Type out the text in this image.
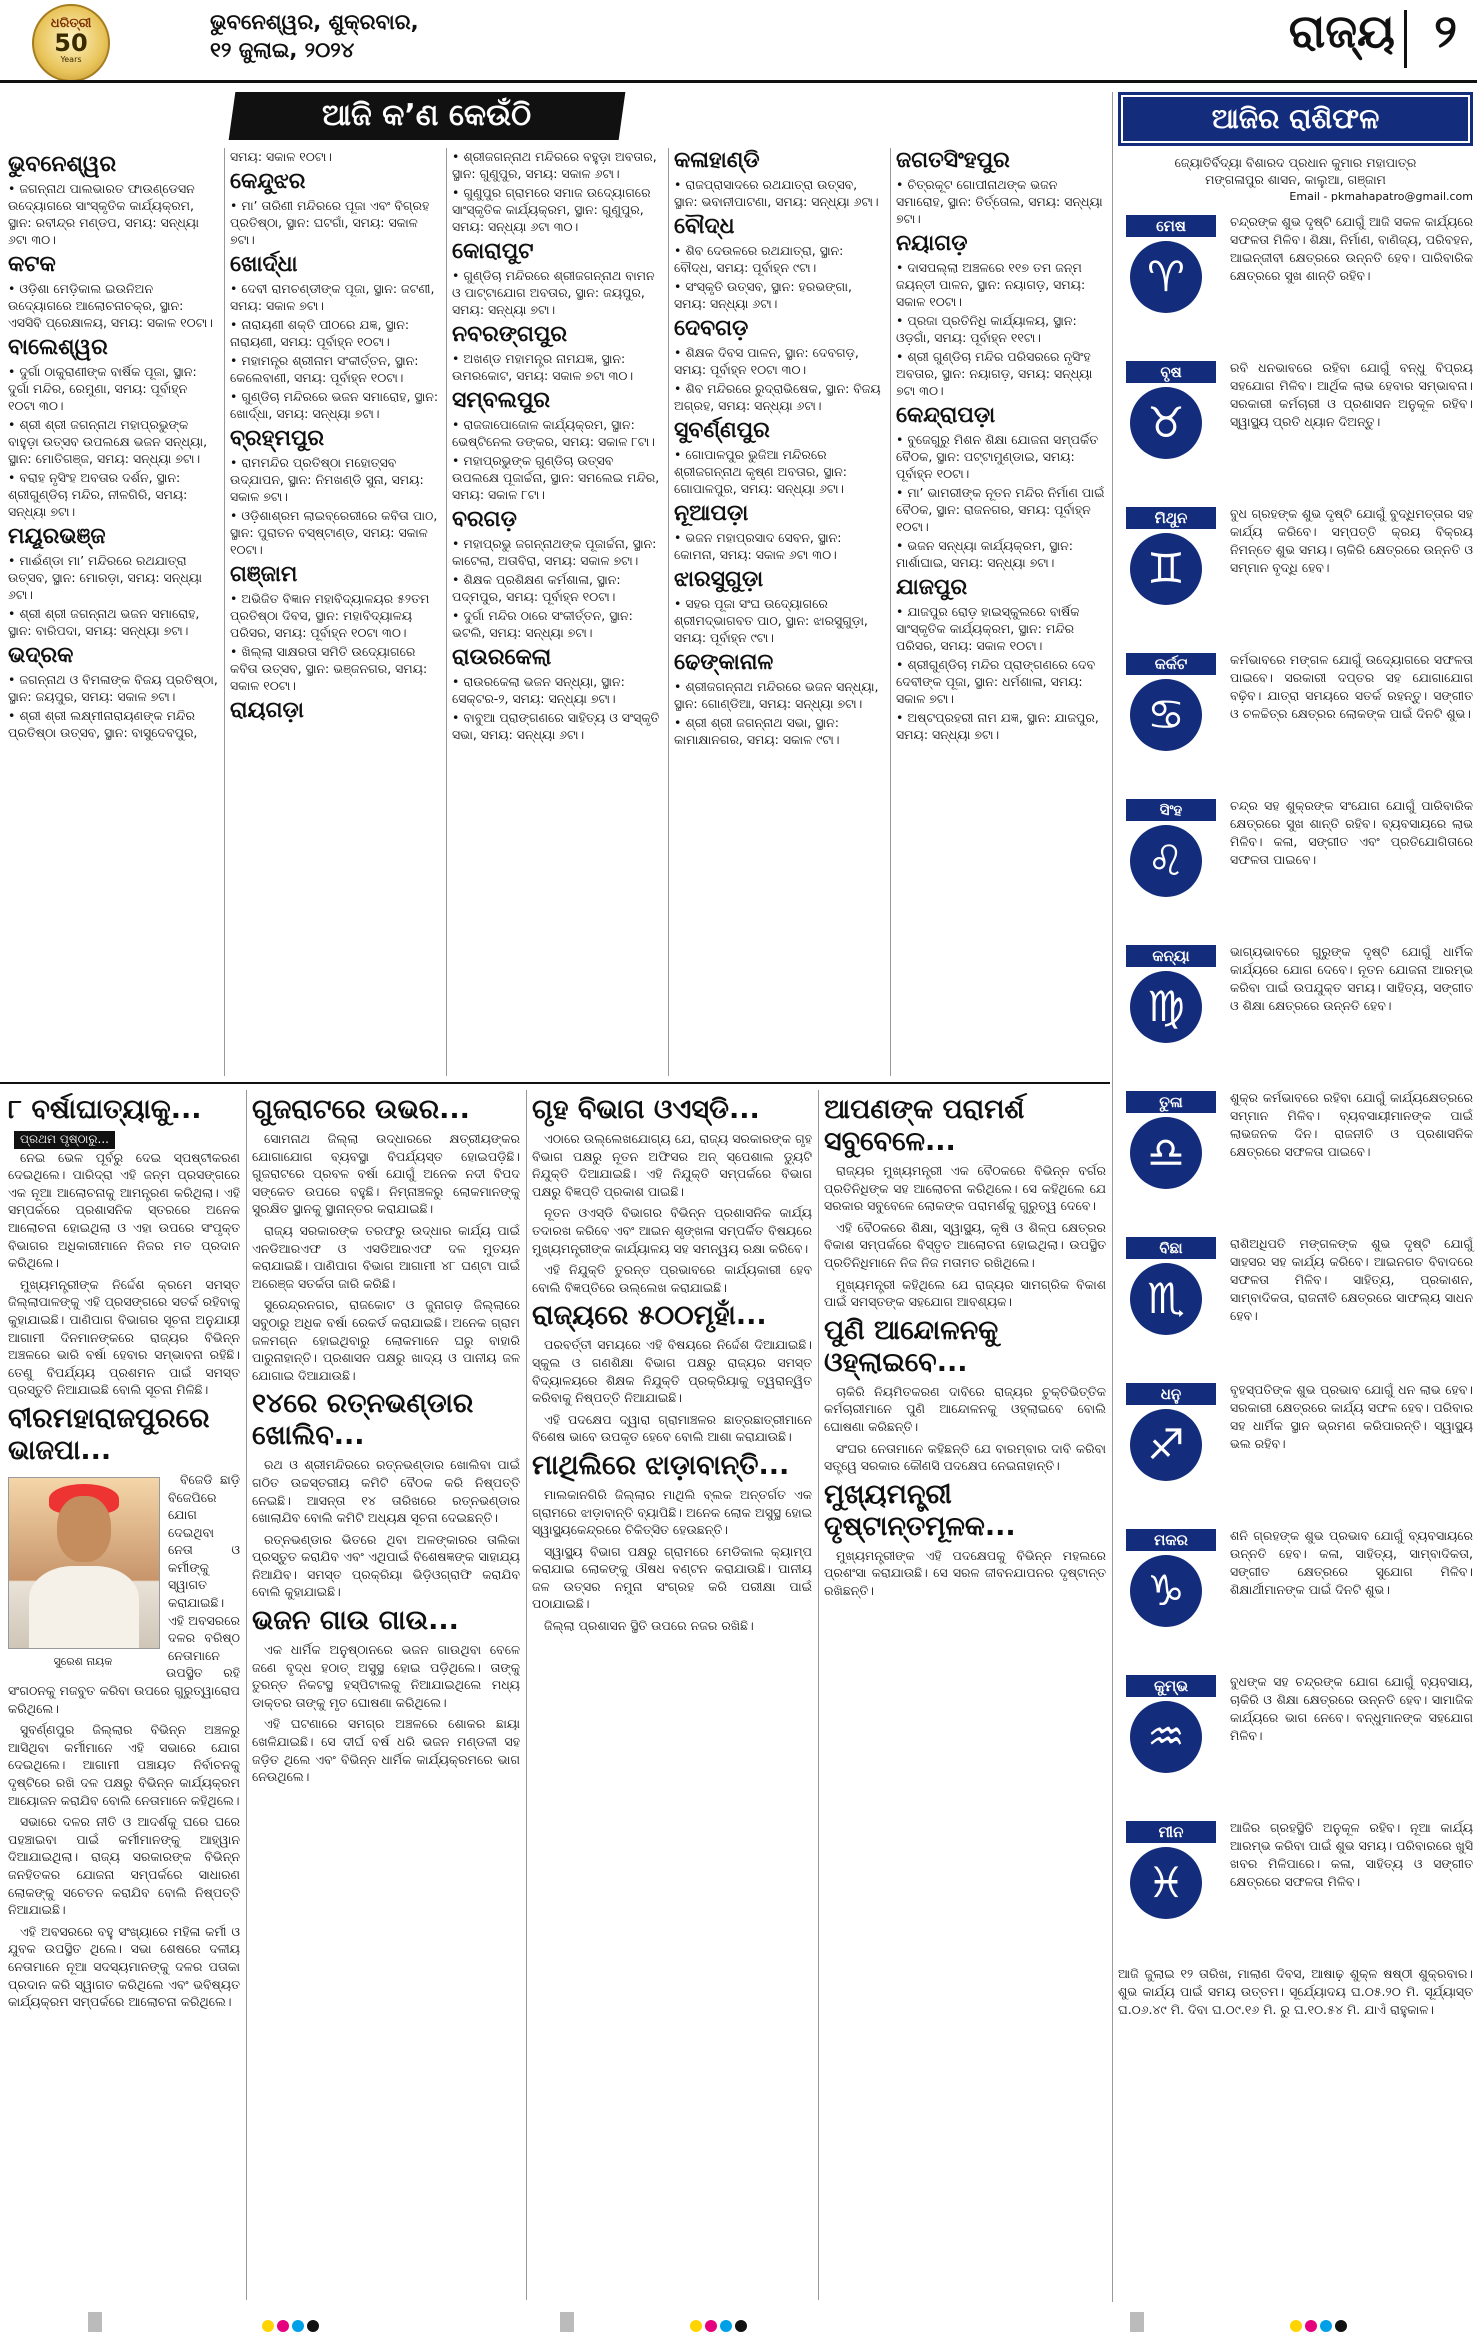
ଧରିତ୍ରୀ
50
Years
ଭୁବନେଶ୍ୱର, ଶୁକ୍ରବାର,
୧୨ ଜୁଲାଇ, ୨୦୨୪	ରାଜ୍ୟ ୨
ଆଜି କ’ଣ କେଉଁଠି
ଭୁବନେଶ୍ୱର

• ଜଗନ୍ନାଥ ପାଲଭାରତ ଫାଉଣ୍ଡେସନ ଉଦ୍ୟୋଗରେ ସାଂସ୍କୃତିକ କାର୍ଯ୍ୟକ୍ରମ, ସ୍ଥାନ: ରବୀନ୍ଦ୍ର ମଣ୍ଡପ, ସମୟ: ସନ୍ଧ୍ୟା ୬ଟା ୩୦।

କଟକ

• ଓଡ଼ିଶା ମେଡ଼ିକାଲ ଇଉନିଅନ ଉଦ୍ୟୋଗରେ ଆଲୋଚନାଚକ୍ର, ସ୍ଥାନ: ଏସସିବି ପ୍ରେକ୍ଷାଳୟ, ସମୟ: ସକାଳ ୧୦ଟା।

ବାଲେଶ୍ୱର

• ଦୁର୍ଗା ଠାକୁରାଣୀଙ୍କ ବାର୍ଷିକ ପୂଜା, ସ୍ଥାନ: ଦୁର୍ଗା ମନ୍ଦିର, ରେମୁଣା, ସମୟ: ପୂର୍ବାହ୍ନ ୧୦ଟା ୩୦।

• ଶ୍ରୀ ଶ୍ରୀ ଜଗନ୍ନାଥ ମହାପ୍ରଭୁଙ୍କ ବାହୁଡ଼ା ଉତ୍ସବ ଉପଲକ୍ଷେ ଭଜନ ସନ୍ଧ୍ୟା, ସ୍ଥାନ: ମୋତିଗଞ୍ଜ, ସମୟ: ସନ୍ଧ୍ୟା ୭ଟା।

• ବରାହ ନୃସିଂହ ଅବତାର ଦର୍ଶନ, ସ୍ଥାନ: ଶ୍ରୀଗୁଣ୍ଡିଚା ମନ୍ଦିର, ନୀଳଗିରି, ସମୟ: ସନ୍ଧ୍ୟା ୭ଟା।

ମୟୂରଭଞ୍ଜ

• ମାଈଁଣ୍ଡା ମା’ ମନ୍ଦିରରେ ରଥଯାତ୍ରା ଉତ୍ସବ, ସ୍ଥାନ: ମୋରଡ଼ା, ସମୟ: ସନ୍ଧ୍ୟା ୬ଟା।

• ଶ୍ରୀ ଶ୍ରୀ ଜଗନ୍ନାଥ ଭଜନ ସମାରୋହ, ସ୍ଥାନ: ବାରିପଦା, ସମୟ: ସନ୍ଧ୍ୟା ୭ଟା।

ଭଦ୍ରକ

• ଜଗନ୍ନାଥ ଓ ବିମଳାଙ୍କ ବିଜୟ ପ୍ରତିଷ୍ଠା, ସ୍ଥାନ: ଜୟପୁର, ସମୟ: ସକାଳ ୭ଟା।

• ଶ୍ରୀ ଶ୍ରୀ ଲକ୍ଷ୍ମୀନାରାୟଣଙ୍କ ମନ୍ଦିର ପ୍ରତିଷ୍ଠା ଉତ୍ସବ, ସ୍ଥାନ: ବାସୁଦେବପୁର, ସମୟ: ସକାଳ ୧୦ଟା।

କେନ୍ଦୁଝର

• ମା’ ତାରିଣୀ ମନ୍ଦିରରେ ପୂଜା ଏବଂ ବିଗ୍ରହ ପ୍ରତିଷ୍ଠା, ସ୍ଥାନ: ଘଟଗାଁ, ସମୟ: ସକାଳ ୭ଟା।

ଖୋର୍ଦ୍ଧା

• ଦେବୀ ରାମଚଣ୍ଡୀଙ୍କ ପୂଜା, ସ୍ଥାନ: ଜଟଣୀ, ସମୟ: ସକାଳ ୭ଟା।

• ନାରାୟଣୀ ଶକ୍ତି ପୀଠରେ ଯଜ୍ଞ, ସ୍ଥାନ: ନାରାୟଣୀ, ସମୟ: ପୂର୍ବାହ୍ନ ୧୦ଟା।

• ମହାମନ୍ତ୍ର ଶ୍ରୀନାମ ସଂକୀର୍ତ୍ତନ, ସ୍ଥାନ: କେଲେବାଣୀ, ସମୟ: ପୂର୍ବାହ୍ନ ୧୦ଟା।

• ଗୁଣ୍ଡିଚା ମନ୍ଦିରରେ ଭଜନ ସମାରୋହ, ସ୍ଥାନ: ଖୋର୍ଦ୍ଧା, ସମୟ: ସନ୍ଧ୍ୟା ୭ଟା।

ବ୍ରହ୍ମପୁର

• ରାମମନ୍ଦିର ପ୍ରତିଷ୍ଠା ମହୋତ୍ସବ ଉଦ୍‌ଯାପନ, ସ୍ଥାନ: ନିମଖଣ୍ଡି ସୁନା, ସମୟ: ସକାଳ ୭ଟା।

• ଓଡ଼ିଶାଶ୍ରମ ଲାଇବ୍ରେରୀରେ କବିତା ପାଠ, ସ୍ଥାନ: ପୁରାତନ ବସ୍‌ଷ୍ଟାଣ୍ଡ, ସମୟ: ସକାଳ ୧୦ଟା।

ଗଞ୍ଜାମ

• ଅଭିଜିତ ବିଜ୍ଞାନ ମହାବିଦ୍ୟାଳୟର ୫୨ତମ ପ୍ରତିଷ୍ଠା ଦିବସ, ସ୍ଥାନ: ମହାବିଦ୍ୟାଳୟ ପରିସର, ସମୟ: ପୂର୍ବାହ୍ନ ୧୦ଟା ୩୦।

• ଖିଲ୍ଲା ସାକ୍ଷରତା ସମିତି ଉଦ୍ୟୋଗରେ କବିତା ଉତ୍ସବ, ସ୍ଥାନ: ଭଞ୍ଜନଗର, ସମୟ: ସକାଳ ୧୦ଟା।

ରାୟଗଡ଼ା

• ଶ୍ରୀଜଗନ୍ନାଥ ମନ୍ଦିରରେ ବହୁଡ଼ା ଅବତାର, ସ୍ଥାନ: ଗୁଣୁପୁର, ସମୟ: ସକାଳ ୬ଟା।

• ଗୁଣୁପୁର ଗ୍ରାମରେ ସମାଜ ଉଦ୍ୟୋଗରେ ସାଂସ୍କୃତିକ କାର୍ଯ୍ୟକ୍ରମ, ସ୍ଥାନ: ଗୁଣୁପୁର, ସମୟ: ସନ୍ଧ୍ୟା ୬ଟା ୩୦।

କୋରାପୁଟ

• ଗୁଣ୍ଡିଚା ମନ୍ଦିରରେ ଶ୍ରୀଜଗନ୍ନାଥ ବାମନ ଓ ପାଟ୍ଟାଯୋଗ ଅବତାର, ସ୍ଥାନ: ଜୟପୁର, ସମୟ: ସନ୍ଧ୍ୟା ୭ଟା।

ନବରଙ୍ଗପୁର

• ଅଖଣ୍ଡ ମହାମନ୍ତ୍ର ନାମଯଜ୍ଞ, ସ୍ଥାନ: ଉମରକୋଟ, ସମୟ: ସକାଳ ୭ଟା ୩୦।

ସମ୍ବଲପୁର

• ରାଜଜାପୋଜୋଳ କାର୍ଯ୍ୟକ୍ରମ, ସ୍ଥାନ: ଭେଷ୍ଟିନେଲ ଡଙ୍କର, ସମୟ: ସକାଳ ୮ଟା।

• ମହାପ୍ରଭୁଙ୍କ ଗୁଣ୍ଡିଚା ଉତ୍ସବ ଉପଲକ୍ଷେ ପୂଜାର୍ଚ୍ଚନା, ସ୍ଥାନ: ସମଲେଇ ମନ୍ଦିର, ସମୟ: ସକାଳ ୮ଟା।

ବରଗଡ଼

• ମହାପ୍ରଭୁ ଜଗନ୍ନାଥଙ୍କ ପୂଜାର୍ଚ୍ଚନା, ସ୍ଥାନ: କାଟେଲା, ଅତାବିରା, ସମୟ: ସକାଳ ୭ଟା।

• ଶିକ୍ଷକ ପ୍ରଶିକ୍ଷଣ କର୍ମଶାଳା, ସ୍ଥାନ: ପଦ୍ମପୁର, ସମୟ: ପୂର୍ବାହ୍ନ ୧୦ଟା।

• ଦୁର୍ଗା ମନ୍ଦିର ଠାରେ ସଂକୀର୍ତ୍ତନ, ସ୍ଥାନ: ଭଟଲି, ସମୟ: ସନ୍ଧ୍ୟା ୭ଟା।

ରାଉରକେଲା

• ରାଉରକେଲା ଭଜନ ସନ୍ଧ୍ୟା, ସ୍ଥାନ: ସେକ୍ଟର-୨, ସମୟ: ସନ୍ଧ୍ୟା ୭ଟା।

• ବାବୁଆ ପ୍ରାଙ୍ଗଣରେ ସାହିତ୍ୟ ଓ ସଂସ୍କୃତି ସଭା, ସମୟ: ସନ୍ଧ୍ୟା ୬ଟା।

କଳାହାଣ୍ଡି

• ରାଜପ୍ରାସାଦରେ ରଥଯାତ୍ରା ଉତ୍ସବ, ସ୍ଥାନ: ଭବାନୀପାଟଣା, ସମୟ: ସନ୍ଧ୍ୟା ୬ଟା।

ବୌଦ୍ଧ

• ଶିବ ଦେଉଳରେ ରଥଯାତ୍ରା, ସ୍ଥାନ: ବୌଦ୍ଧ, ସମୟ: ପୂର୍ବାହ୍ନ ୯ଟା।

• ସଂସ୍କୃତି ଉତ୍ସବ, ସ୍ଥାନ: ହରଭଙ୍ଗା, ସମୟ: ସନ୍ଧ୍ୟା ୬ଟା।

ଦେବଗଡ଼

• ଶିକ୍ଷକ ଦିବସ ପାଳନ, ସ୍ଥାନ: ଦେବଗଡ଼, ସମୟ: ପୂର୍ବାହ୍ନ ୧୦ଟା ୩୦।

• ଶିବ ମନ୍ଦିରରେ ରୁଦ୍ରାଭିଷେକ, ସ୍ଥାନ: ବିଜୟ ଅଗ୍ରହ, ସମୟ: ସନ୍ଧ୍ୟା ୬ଟା।

ସୁବର୍ଣ୍ଣପୁର

• ଗୋପାଳପୁର ଭୁଜିଆ ମନ୍ଦିରରେ ଶ୍ରୀଜଗନ୍ନାଥ କୃଷ୍ଣ ଅବତାର, ସ୍ଥାନ: ଗୋପାଳପୁର, ସମୟ: ସନ୍ଧ୍ୟା ୬ଟା।

ନୂଆପଡ଼ା

• ଭଜନ ମହାପ୍ରସାଦ ସେବନ, ସ୍ଥାନ: କୋମନା, ସମୟ: ସକାଳ ୬ଟା ୩୦।

ଝାରସୁଗୁଡ଼ା

• ସହର ପୂଜା ସଂଘ ଉଦ୍ୟୋଗରେ ଶ୍ରୀମଦ୍ଭାଗବତ ପାଠ, ସ୍ଥାନ: ଝାରସୁଗୁଡ଼ା, ସମୟ: ପୂର୍ବାହ୍ନ ୯ଟା।

ଢେଙ୍କାନାଳ

• ଶ୍ରୀଜଗନ୍ନାଥ ମନ୍ଦିରରେ ଭଜନ ସନ୍ଧ୍ୟା, ସ୍ଥାନ: ଗୋଣ୍ଡିଆ, ସମୟ: ସନ୍ଧ୍ୟା ୭ଟା।

• ଶ୍ରୀ ଶ୍ରୀ ଜଗନ୍ନାଥ ସଭା, ସ୍ଥାନ: କାମାକ୍ଷାନଗର, ସମୟ: ସକାଳ ୯ଟା।

ଜଗତସିଂହପୁର

• ଚିତ୍ରକୂଟ ଗୋପୀନାଥଙ୍କ ଭଜନ ସମାରୋହ, ସ୍ଥାନ: ତିର୍ତ୍ତୋଲ, ସମୟ: ସନ୍ଧ୍ୟା ୭ଟା।

ନୟାଗଡ଼

• ଦାସପଲ୍ଲା ଅଞ୍ଚଳରେ ୧୧୭ ତମ ଜନ୍ମ ଜୟନ୍ତୀ ପାଳନ, ସ୍ଥାନ: ନୟାଗଡ଼, ସମୟ: ସକାଳ ୧୦ଟା।

• ପ୍ରଜା ପ୍ରତିନିଧି କାର୍ଯ୍ୟାଳୟ, ସ୍ଥାନ: ଓଡ଼ଗାଁ, ସମୟ: ପୂର୍ବାହ୍ନ ୧୧ଟା।

• ଶ୍ରୀ ଗୁଣ୍ଡିଚା ମନ୍ଦିର ପରିସରରେ ନୃସିଂହ ଅବତାର, ସ୍ଥାନ: ନୟାଗଡ଼, ସମୟ: ସନ୍ଧ୍ୟା ୭ଟା ୩୦।

କେନ୍ଦ୍ରାପଡ଼ା

• ବୁଜେଗୁରୁ ମିଶନ ଶିକ୍ଷା ଯୋଜନା ସମ୍ପର୍କିତ ବୈଠକ, ସ୍ଥାନ: ପଟ୍ଟାମୁଣ୍ଡାଇ, ସମୟ: ପୂର୍ବାହ୍ନ ୧୦ଟା।

• ମା’ ଭାମରୀଙ୍କ ନୂତନ ମନ୍ଦିର ନିର୍ମାଣ ପାଇଁ ବୈଠକ, ସ୍ଥାନ: ରାଜନଗର, ସମୟ: ପୂର୍ବାହ୍ନ ୧୦ଟା।

• ଭଜନ ସନ୍ଧ୍ୟା କାର୍ଯ୍ୟକ୍ରମ, ସ୍ଥାନ: ମାର୍ଶାଘାଇ, ସମୟ: ସନ୍ଧ୍ୟା ୭ଟା।

ଯାଜପୁର

• ଯାଜପୁର ରୋଡ଼ ହାଇସ୍କୁଲରେ ବାର୍ଷିକ ସାଂସ୍କୃତିକ କାର୍ଯ୍ୟକ୍ରମ, ସ୍ଥାନ: ମନ୍ଦିର ପରିସର, ସମୟ: ସକାଳ ୧୦ଟା।

• ଶ୍ରୀଗୁଣ୍ଡିଚା ମନ୍ଦିର ପ୍ରାଙ୍ଗଣରେ ଦେବ ଦେବୀଙ୍କ ପୂଜା, ସ୍ଥାନ: ଧର୍ମଶାଳା, ସମୟ: ସକାଳ ୭ଟା।

• ଅଷ୍ଟପ୍ରହରୀ ନାମ ଯଜ୍ଞ, ସ୍ଥାନ: ଯାଜପୁର, ସମୟ: ସନ୍ଧ୍ୟା ୭ଟା।

୮ ବର୍ଷାଘାତ୍ୟାକୁ...
ପ୍ରଥମ ପୃଷ୍ଠାରୁ...

ନେଇ ଭେଳ ପୂର୍ବରୁ ଦେଇ ସ୍ପଷ୍ଟୀକରଣ ଦେଇଥିଲେ। ପାରିଦ୍ରା ଏହି ଜନ୍ମ ପ୍ରସଙ୍ଗରେ ଏକ ନୂଆ ଆଲୋଚନାକୁ ଆମନ୍ତ୍ରଣ କରିଥିଲା। ଏହି ସମ୍ପର୍କରେ ପ୍ରଶାସନିକ ସ୍ତରରେ ଅନେକ ଆଲୋଚନା ହୋଇଥିଲା ଓ ଏହା ଉପରେ ସଂପୃକ୍ତ ବିଭାଗର ଅଧିକାରୀମାନେ ନିଜର ମତ ପ୍ରଦାନ କରିଥିଲେ।

ମୁଖ୍ୟମନ୍ତ୍ରୀଙ୍କ ନିର୍ଦ୍ଦେଶ କ୍ରମେ ସମସ୍ତ ଜିଲ୍ଲାପାଳଙ୍କୁ ଏହି ପ୍ରସଙ୍ଗରେ ସତର୍କ ରହିବାକୁ କୁହାଯାଇଛି। ପାଣିପାଗ ବିଭାଗର ସୂଚନା ଅନୁଯାୟୀ ଆଗାମୀ ଦିନମାନଙ୍କରେ ରାଜ୍ୟର ବିଭିନ୍ନ ଅଞ୍ଚଳରେ ଭାରି ବର୍ଷା ହେବାର ସମ୍ଭାବନା ରହିଛି। ତେଣୁ ବିପର୍ଯ୍ୟୟ ପ୍ରଶମନ ପାଇଁ ସମସ୍ତ ପ୍ରସ୍ତୁତି ନିଆଯାଇଛି ବୋଲି ସୂଚନା ମିଳିଛି।

ବୀରମହାରାଜପୁରରେ ଭାଜପା...
ସୁରେଶ ନାୟକ

ବିଜେଡି ଛାଡ଼ି ବିଜେପିରେ ଯୋଗ ଦେଇଥିବା ନେତା ଓ କର୍ମୀଙ୍କୁ ସ୍ୱାଗତ କରାଯାଇଛି। ଏହି ଅବସରରେ ଦଳର ବରିଷ୍ଠ ନେତାମାନେ ଉପସ୍ଥିତ ରହି ସଂଗଠନକୁ ମଜବୁତ କରିବା ଉପରେ ଗୁରୁତ୍ୱାରୋପ କରିଥିଲେ।

ସୁବର୍ଣ୍ଣପୁର ଜିଲ୍ଲାର ବିଭିନ୍ନ ଅଞ୍ଚଳରୁ ଆସିଥିବା କର୍ମୀମାନେ ଏହି ସଭାରେ ଯୋଗ ଦେଇଥିଲେ। ଆଗାମୀ ପଞ୍ଚାୟତ ନିର୍ବାଚନକୁ ଦୃଷ୍ଟିରେ ରଖି ଦଳ ପକ୍ଷରୁ ବିଭିନ୍ନ କାର୍ଯ୍ୟକ୍ରମ ଆୟୋଜନ କରାଯିବ ବୋଲି ନେତାମାନେ କହିଥିଲେ।

ସଭାରେ ଦଳର ନୀତି ଓ ଆଦର୍ଶକୁ ଘରେ ଘରେ ପହଞ୍ଚାଇବା ପାଇଁ କର୍ମୀମାନଙ୍କୁ ଆହ୍ୱାନ ଦିଆଯାଇଥିଲା। ରାଜ୍ୟ ସରକାରଙ୍କ ବିଭିନ୍ନ ଜନହିତକର ଯୋଜନା ସମ୍ପର୍କରେ ସାଧାରଣ ଲୋକଙ୍କୁ ସଚେତନ କରାଯିବ ବୋଲି ନିଷ୍ପତ୍ତି ନିଆଯାଇଛି।

ଏହି ଅବସରରେ ବହୁ ସଂଖ୍ୟାରେ ମହିଳା କର୍ମୀ ଓ ଯୁବକ ଉପସ୍ଥିତ ଥିଲେ। ସଭା ଶେଷରେ ଦଳୀୟ ନେତାମାନେ ନୂଆ ସଦସ୍ୟମାନଙ୍କୁ ଦଳର ପତାକା ପ୍ରଦାନ କରି ସ୍ୱାଗତ କରିଥିଲେ ଏବଂ ଭବିଷ୍ୟତ କାର୍ଯ୍ୟକ୍ରମ ସମ୍ପର୍କରେ ଆଲୋଚନା କରିଥିଲେ।

ଗୁଜରାଟରେ ଉଭର...

ସୋମନାଥ ଜିଲ୍ଲା ଉଦ୍ଧାରରେ କ୍ଷତ୍ରୀୟଙ୍କର ଯୋଗାଯୋଗ ବ୍ୟବସ୍ଥା ବିପର୍ଯ୍ୟସ୍ତ ହୋଇପଡ଼ିଛି। ଗୁଜରାଟରେ ପ୍ରବଳ ବର୍ଷା ଯୋଗୁଁ ଅନେକ ନଦୀ ବିପଦ ସଙ୍କେତ ଉପରେ ବହୁଛି। ନିମ୍ନାଞ୍ଚଳରୁ ଲୋକମାନଙ୍କୁ ସୁରକ୍ଷିତ ସ୍ଥାନକୁ ସ୍ଥାନାନ୍ତର କରାଯାଇଛି।

ରାଜ୍ୟ ସରକାରଙ୍କ ତରଫରୁ ଉଦ୍ଧାର କାର୍ଯ୍ୟ ପାଇଁ ଏନଡିଆରଏଫ ଓ ଏସଡିଆରଏଫ ଦଳ ମୁତୟନ କରାଯାଇଛି। ପାଣିପାଗ ବିଭାଗ ଆଗାମୀ ୪୮ ଘଣ୍ଟା ପାଇଁ ଅରେଞ୍ଜ ସତର୍କତା ଜାରି କରିଛି।

ସୁରେନ୍ଦ୍ରନଗର, ରାଜକୋଟ ଓ ଜୁନାଗଡ଼ ଜିଲ୍ଲାରେ ସବୁଠାରୁ ଅଧିକ ବର୍ଷା ରେକର୍ଡ କରାଯାଇଛି। ଅନେକ ଗ୍ରାମ ଜଳମଗ୍ନ ହୋଇଥିବାରୁ ଲୋକମାନେ ଘରୁ ବାହାରି ପାରୁନାହାନ୍ତି। ପ୍ରଶାସନ ପକ୍ଷରୁ ଖାଦ୍ୟ ଓ ପାନୀୟ ଜଳ ଯୋଗାଇ ଦିଆଯାଉଛି।

୧୪ରେ ରତ୍ନଭଣ୍ଡାର ଖୋଲିବ...

ରଥ ଓ ଶ୍ରୀମନ୍ଦିରରେ ରତ୍ନଭଣ୍ଡାର ଖୋଲିବା ପାଇଁ ଗଠିତ ଉଚ୍ଚସ୍ତରୀୟ କମିଟି ବୈଠକ କରି ନିଷ୍ପତ୍ତି ନେଇଛି। ଆସନ୍ତା ୧୪ ତାରିଖରେ ରତ୍ନଭଣ୍ଡାର ଖୋଲାଯିବ ବୋଲି କମିଟି ଅଧ୍ୟକ୍ଷ ସୂଚନା ଦେଇଛନ୍ତି।

ରତ୍ନଭଣ୍ଡାର ଭିତରେ ଥିବା ଅଳଙ୍କାରର ତାଲିକା ପ୍ରସ୍ତୁତ କରାଯିବ ଏବଂ ଏଥିପାଇଁ ବିଶେଷଜ୍ଞଙ୍କ ସାହାଯ୍ୟ ନିଆଯିବ। ସମସ୍ତ ପ୍ରକ୍ରିୟା ଭିଡ଼ିଓଗ୍ରାଫି କରାଯିବ ବୋଲି କୁହାଯାଇଛି।

ଭଜନ ଗାଉ ଗାଉ...

ଏକ ଧାର୍ମିକ ଅନୁଷ୍ଠାନରେ ଭଜନ ଗାଉଥିବା ବେଳେ ଜଣେ ବୃଦ୍ଧ ହଠାତ୍ ଅସୁସ୍ଥ ହୋଇ ପଡ଼ିଥିଲେ। ତାଙ୍କୁ ତୁରନ୍ତ ନିକଟସ୍ଥ ହସ୍ପିଟାଲକୁ ନିଆଯାଇଥିଲେ ମଧ୍ୟ ଡାକ୍ତର ତାଙ୍କୁ ମୃତ ଘୋଷଣା କରିଥିଲେ।

ଏହି ଘଟଣାରେ ସମଗ୍ର ଅଞ୍ଚଳରେ ଶୋକର ଛାୟା ଖେଳିଯାଇଛି। ସେ ଦୀର୍ଘ ବର୍ଷ ଧରି ଭଜନ ମଣ୍ଡଳୀ ସହ ଜଡ଼ିତ ଥିଲେ ଏବଂ ବିଭିନ୍ନ ଧାର୍ମିକ କାର୍ଯ୍ୟକ୍ରମରେ ଭାଗ ନେଉଥିଲେ।

ଗୃହ ବିଭାଗ ଓଏସ୍‌ଡି...

ଏଠାରେ ଉଲ୍ଲେଖଯୋଗ୍ୟ ଯେ, ରାଜ୍ୟ ସରକାରଙ୍କ ଗୃହ ବିଭାଗ ପକ୍ଷରୁ ନୂତନ ଅଫିସର ଅନ୍ ସ୍ପେଶାଲ ଡ୍ୟୁଟି ନିଯୁକ୍ତି ଦିଆଯାଇଛି। ଏହି ନିଯୁକ୍ତି ସମ୍ପର୍କରେ ବିଭାଗ ପକ୍ଷରୁ ବିଜ୍ଞପ୍ତି ପ୍ରକାଶ ପାଇଛି।

ନୂତନ ଓଏସ୍‌ଡି ବିଭାଗର ବିଭିନ୍ନ ପ୍ରଶାସନିକ କାର୍ଯ୍ୟ ତଦାରଖ କରିବେ ଏବଂ ଆଇନ ଶୃଙ୍ଖଳା ସମ୍ପର୍କିତ ବିଷୟରେ ମୁଖ୍ୟମନ୍ତ୍ରୀଙ୍କ କାର୍ଯ୍ୟାଳୟ ସହ ସମନ୍ୱୟ ରକ୍ଷା କରିବେ।

ଏହି ନିଯୁକ୍ତି ତୁରନ୍ତ ପ୍ରଭାବରେ କାର୍ଯ୍ୟକାରୀ ହେବ ବୋଲି ବିଜ୍ଞପ୍ତିରେ ଉଲ୍ଲେଖ କରାଯାଇଛି।

ରାଜ୍ୟରେ ୫୦୦ମୃହାଁ...

ପରବର୍ତ୍ତୀ ସମୟରେ ଏହି ବିଷୟରେ ନିର୍ଦ୍ଦେଶ ଦିଆଯାଇଛି। ସ୍କୁଲ ଓ ଗଣଶିକ୍ଷା ବିଭାଗ ପକ୍ଷରୁ ରାଜ୍ୟର ସମସ୍ତ ବିଦ୍ୟାଳୟରେ ଶିକ୍ଷକ ନିଯୁକ୍ତି ପ୍ରକ୍ରିୟାକୁ ତ୍ୱରାନ୍ୱିତ କରିବାକୁ ନିଷ୍ପତ୍ତି ନିଆଯାଇଛି।

ଏହି ପଦକ୍ଷେପ ଦ୍ୱାରା ଗ୍ରାମାଞ୍ଚଳର ଛାତ୍ରଛାତ୍ରୀମାନେ ବିଶେଷ ଭାବେ ଉପକୃତ ହେବେ ବୋଲି ଆଶା କରାଯାଉଛି।

ମାଥିଲିରେ ଝାଡ଼ାବାନ୍ତି...

ମାଲକାନଗିରି ଜିଲ୍ଲାର ମାଥିଲି ବ୍ଲକ ଅନ୍ତର୍ଗତ ଏକ ଗ୍ରାମରେ ଝାଡ଼ାବାନ୍ତି ବ୍ୟାପିଛି। ଅନେକ ଲୋକ ଅସୁସ୍ଥ ହୋଇ ସ୍ୱାସ୍ଥ୍ୟକେନ୍ଦ୍ରରେ ଚିକିତ୍ସିତ ହେଉଛନ୍ତି।

ସ୍ୱାସ୍ଥ୍ୟ ବିଭାଗ ପକ୍ଷରୁ ଗ୍ରାମରେ ମେଡିକାଲ କ୍ୟାମ୍ପ କରାଯାଇ ଲୋକଙ୍କୁ ଔଷଧ ବଣ୍ଟନ କରାଯାଉଛି। ପାନୀୟ ଜଳ ଉତ୍ସର ନମୁନା ସଂଗ୍ରହ କରି ପରୀକ୍ଷା ପାଇଁ ପଠାଯାଇଛି।

ଜିଲ୍ଲା ପ୍ରଶାସନ ସ୍ଥିତି ଉପରେ ନଜର ରଖିଛି।

ଆପଣଙ୍କ ପରାମର୍ଶ ସବୁବେଳେ...

ରାଜ୍ୟର ମୁଖ୍ୟମନ୍ତ୍ରୀ ଏକ ବୈଠକରେ ବିଭିନ୍ନ ବର୍ଗର ପ୍ରତିନିଧିଙ୍କ ସହ ଆଲୋଚନା କରିଥିଲେ। ସେ କହିଥିଲେ ଯେ ସରକାର ସବୁବେଳେ ଲୋକଙ୍କ ପରାମର୍ଶକୁ ଗୁରୁତ୍ୱ ଦେବେ।

ଏହି ବୈଠକରେ ଶିକ୍ଷା, ସ୍ୱାସ୍ଥ୍ୟ, କୃଷି ଓ ଶିଳ୍ପ କ୍ଷେତ୍ରର ବିକାଶ ସମ୍ପର୍କରେ ବିସ୍ତୃତ ଆଲୋଚନା ହୋଇଥିଲା। ଉପସ୍ଥିତ ପ୍ରତିନିଧିମାନେ ନିଜ ନିଜ ମତାମତ ରଖିଥିଲେ।

ମୁଖ୍ୟମନ୍ତ୍ରୀ କହିଥିଲେ ଯେ ରାଜ୍ୟର ସାମଗ୍ରିକ ବିକାଶ ପାଇଁ ସମସ୍ତଙ୍କ ସହଯୋଗ ଆବଶ୍ୟକ।

ପୁଣି ଆନ୍ଦୋଳନକୁ ଓହ୍ଲାଇବେ...

ଚାକିରି ନିୟମିତକରଣ ଦାବିରେ ରାଜ୍ୟର ଚୁକ୍ତିଭିତ୍ତିକ କର୍ମଚାରୀମାନେ ପୁଣି ଆନ୍ଦୋଳନକୁ ଓହ୍ଲାଇବେ ବୋଲି ଘୋଷଣା କରିଛନ୍ତି।

ସଂଘର ନେତାମାନେ କହିଛନ୍ତି ଯେ ବାରମ୍ବାର ଦାବି କରିବା ସତ୍ତ୍ୱେ ସରକାର କୌଣସି ପଦକ୍ଷେପ ନେଇନାହାନ୍ତି।

ମୁଖ୍ୟମନ୍ତ୍ରୀ ଦୃଷ୍ଟାନ୍ତମୂଳକ...

ମୁଖ୍ୟମନ୍ତ୍ରୀଙ୍କ ଏହି ପଦକ୍ଷେପକୁ ବିଭିନ୍ନ ମହଲରେ ପ୍ରଶଂସା କରାଯାଉଛି। ସେ ସରଳ ଜୀବନଯାପନର ଦୃଷ୍ଟାନ୍ତ ରଖିଛନ୍ତି।

ଆଜିର ରାଶିଫଳ
ଜ୍ୟୋତିର୍ବିଦ୍ୟା ବିଶାରଦ ପ୍ରଧାନ କୁମାର ମହାପାତ୍ର
ମଙ୍ଗଳାପୁର ଶାସନ, କାଲୁଆ, ଗଞ୍ଜାମ
Email - pkmahapatro@gmail.com
ମେଷ
♈
ଚନ୍ଦ୍ରଙ୍କ ଶୁଭ ଦୃଷ୍ଟି ଯୋଗୁଁ ଆଜି ସକଳ କାର୍ଯ୍ୟରେ ସଫଳତା ମିଳିବ। ଶିକ୍ଷା, ନିର୍ମାଣ, ବାଣିଜ୍ୟ, ପରିବହନ, ଆଇନ୍‌ଜୀବୀ କ୍ଷେତ୍ରରେ ଉନ୍ନତି ହେବ। ପାରିବାରିକ କ୍ଷେତ୍ରରେ ସୁଖ ଶାନ୍ତି ରହିବ।
ବୃଷ
♉
ରବି ଧନଭାବରେ ରହିବା ଯୋଗୁଁ ବନ୍ଧୁ ବିପ୍ରୟ ସହଯୋଗ ମିଳିବ। ଆର୍ଥିକ ଲାଭ ହେବାର ସମ୍ଭାବନା। ସରକାରୀ କର୍ମଚାରୀ ଓ ପ୍ରଶାସନ ଅନୁକୂଳ ରହିବ। ସ୍ୱାସ୍ଥ୍ୟ ପ୍ରତି ଧ୍ୟାନ ଦିଅନ୍ତୁ।
ମିଥୁନ
♊
ବୁଧ ଗ୍ରହଙ୍କ ଶୁଭ ଦୃଷ୍ଟି ଯୋଗୁଁ ବୁଦ୍ଧିମତ୍ତାର ସହ କାର୍ଯ୍ୟ କରିବେ। ସମ୍ପତ୍ତି କ୍ରୟ ବିକ୍ରୟ ନିମନ୍ତେ ଶୁଭ ସମୟ। ଚାକିରି କ୍ଷେତ୍ରରେ ଉନ୍ନତି ଓ ସମ୍ମାନ ବୃଦ୍ଧି ହେବ।
କର୍କଟ
♋
କର୍ମଭାବରେ ମଙ୍ଗଳ ଯୋଗୁଁ ଉଦ୍ୟୋଗରେ ସଫଳତା ପାଇବେ। ସରକାରୀ ଦପ୍ତର ସହ ଯୋଗାଯୋଗ ବଢ଼ିବ। ଯାତ୍ରା ସମୟରେ ସତର୍କ ରହନ୍ତୁ। ସଙ୍ଗୀତ ଓ ଚଳଚ୍ଚିତ୍ର କ୍ଷେତ୍ରର ଲୋକଙ୍କ ପାଇଁ ଦିନଟି ଶୁଭ।
ସିଂହ
♌
ଚନ୍ଦ୍ର ସହ ଶୁକ୍ରଙ୍କ ସଂଯୋଗ ଯୋଗୁଁ ପାରିବାରିକ କ୍ଷେତ୍ରରେ ସୁଖ ଶାନ୍ତି ରହିବ। ବ୍ୟବସାୟରେ ଲାଭ ମିଳିବ। କଳା, ସଙ୍ଗୀତ ଏବଂ ପ୍ରତିଯୋଗିତାରେ ସଫଳତା ପାଇବେ।
କନ୍ୟା
♍
ଭାଗ୍ୟଭାବରେ ଗୁରୁଙ୍କ ଦୃଷ୍ଟି ଯୋଗୁଁ ଧାର୍ମିକ କାର୍ଯ୍ୟରେ ଯୋଗ ଦେବେ। ନୂତନ ଯୋଜନା ଆରମ୍ଭ କରିବା ପାଇଁ ଉପଯୁକ୍ତ ସମୟ। ସାହିତ୍ୟ, ସଙ୍ଗୀତ ଓ ଶିକ୍ଷା କ୍ଷେତ୍ରରେ ଉନ୍ନତି ହେବ।
ତୁଳା
♎
ଶୁକ୍ର କର୍ମଭାବରେ ରହିବା ଯୋଗୁଁ କାର୍ଯ୍ୟକ୍ଷେତ୍ରରେ ସମ୍ମାନ ମିଳିବ। ବ୍ୟବସାୟୀମାନଙ୍କ ପାଇଁ ଲାଭଜନକ ଦିନ। ରାଜନୀତି ଓ ପ୍ରଶାସନିକ କ୍ଷେତ୍ରରେ ସଫଳତା ପାଇବେ।
ବିଛା
♏
ରାଶିଅଧିପତି ମଙ୍ଗଳଙ୍କ ଶୁଭ ଦୃଷ୍ଟି ଯୋଗୁଁ ସାହସର ସହ କାର୍ଯ୍ୟ କରିବେ। ଆଇନଗତ ବିବାଦରେ ସଫଳତା ମିଳିବ। ସାହିତ୍ୟ, ପ୍ରକାଶନ, ସାମ୍ବାଦିକତା, ରାଜନୀତି କ୍ଷେତ୍ରରେ ସାଫଲ୍ୟ ସାଧନ ହେବ।
ଧନୁ
♐
ବୃହସ୍ପତିଙ୍କ ଶୁଭ ପ୍ରଭାବ ଯୋଗୁଁ ଧନ ଲାଭ ହେବ। ସରକାରୀ କ୍ଷେତ୍ରରେ କାର୍ଯ୍ୟ ସଫଳ ହେବ। ପରିବାର ସହ ଧାର୍ମିକ ସ୍ଥାନ ଭ୍ରମଣ କରିପାରନ୍ତି। ସ୍ୱାସ୍ଥ୍ୟ ଭଲ ରହିବ।
ମକର
♑
ଶନି ଗ୍ରହଙ୍କ ଶୁଭ ପ୍ରଭାବ ଯୋଗୁଁ ବ୍ୟବସାୟରେ ଉନ୍ନତି ହେବ। କଳା, ସାହିତ୍ୟ, ସାମ୍ବାଦିକତା, ସଙ୍ଗୀତ କ୍ଷେତ୍ରରେ ସୁଯୋଗ ମିଳିବ। ଶିକ୍ଷାର୍ଥୀମାନଙ୍କ ପାଇଁ ଦିନଟି ଶୁଭ।
କୁମ୍ଭ
♒
ବୁଧଙ୍କ ସହ ଚନ୍ଦ୍ରଙ୍କ ଯୋଗ ଯୋଗୁଁ ବ୍ୟବସାୟ, ଚାକିରି ଓ ଶିକ୍ଷା କ୍ଷେତ୍ରରେ ଉନ୍ନତି ହେବ। ସାମାଜିକ କାର୍ଯ୍ୟରେ ଭାଗ ନେବେ। ବନ୍ଧୁମାନଙ୍କ ସହଯୋଗ ମିଳିବ।
ମୀନ
♓
ଆଜିର ଗ୍ରହସ୍ଥିତି ଅନୁକୂଳ ରହିବ। ନୂଆ କାର୍ଯ୍ୟ ଆରମ୍ଭ କରିବା ପାଇଁ ଶୁଭ ସମୟ। ପରିବାରରେ ଖୁସି ଖବର ମିଳିପାରେ। କଳା, ସାହିତ୍ୟ ଓ ସଙ୍ଗୀତ କ୍ଷେତ୍ରରେ ସଫଳତା ମିଳିବ।
ଆଜି ଜୁଲାଇ ୧୨ ତାରିଖ, ମାଲାଣ ଦିବସ, ଆଷାଢ଼ ଶୁକ୍ଳ ଷଷ୍ଠୀ ଶୁକ୍ରବାର। ଶୁଭ କାର୍ଯ୍ୟ ପାଇଁ ସମୟ ଉତ୍ତମ। ସୂର୍ଯ୍ୟୋଦୟ ଘ.୦୫.୨୦ ମି. ସୂର୍ଯ୍ୟାସ୍ତ ଘ.୦୬.୪୯ ମି. ଦିବା ଘ.୦୯.୧୬ ମି. ରୁ ଘ.୧୦.୫୪ ମି. ଯାଏଁ ରାହୁକାଳ।
